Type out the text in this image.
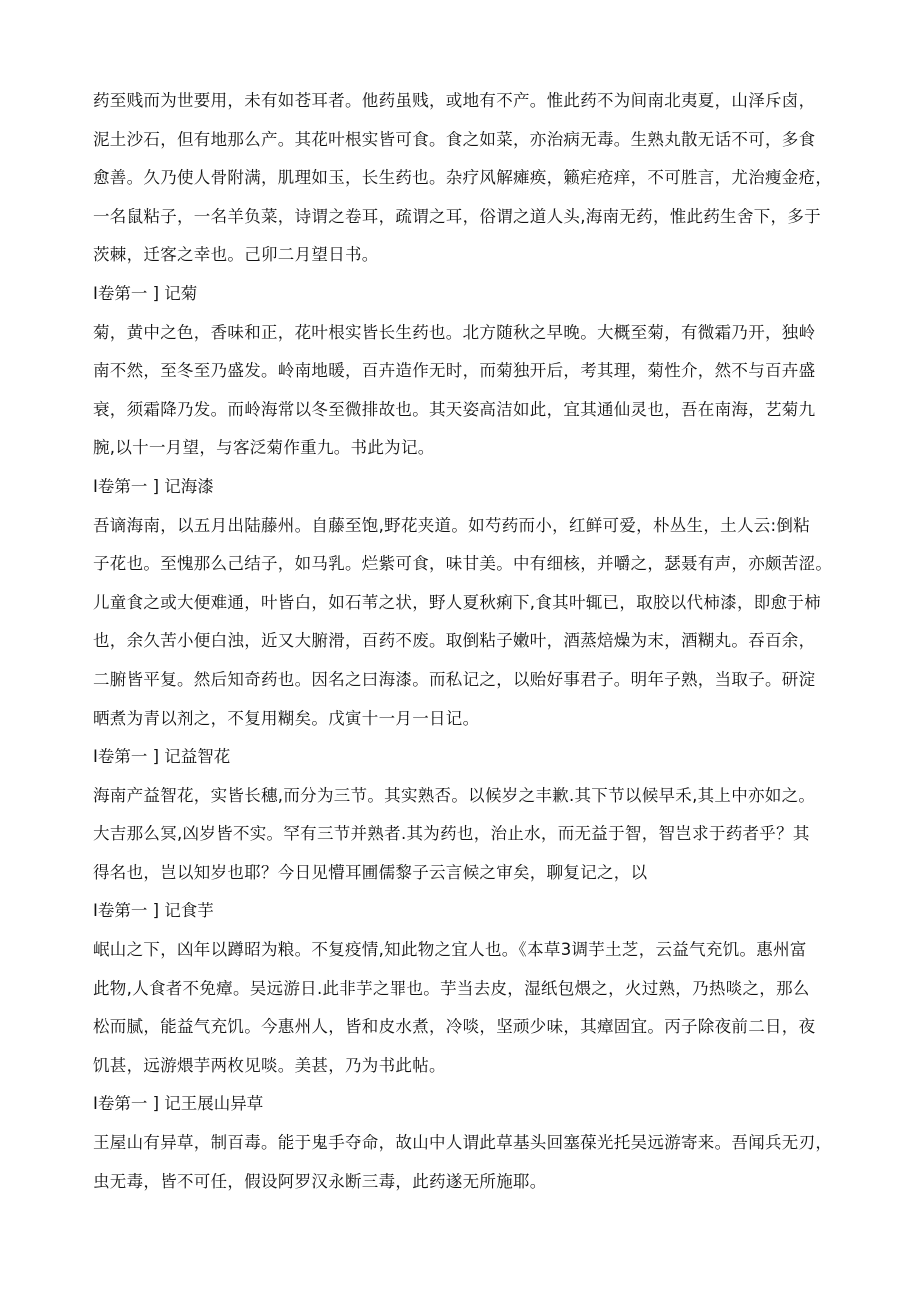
药至贱而为世要用，未有如苍耳者。他药虽贱，或地有不产。惟此药不为间南北夷夏，山泽斥卤，

泥土沙石，但有地那么产。其花叶根实皆可食。食之如菜，亦治病无毒。生熟丸散无话不可，多食

愈善。久乃使人骨附满，肌理如玉，长生药也。杂疗风解瘫痪，籁疟疮痒，不可胜言，尤治瘦金疮，

一名鼠粘子，一名羊负菜，诗谓之卷耳，疏谓之耳，俗谓之道人头,海南无药，惟此药生舍下，多于

茨棘，迁客之幸也。己卯二月望日书。

I卷第一 ] 记菊

菊，黄中之色，香味和正，花叶根实皆长生药也。北方随秋之早晚。大概至菊，有微霜乃开，独岭

南不然，至冬至乃盛发。岭南地暖，百卉造作无时，而菊独开后，考其理，菊性介，然不与百卉盛

衰，须霜降乃发。而岭海常以冬至微排故也。其天姿高洁如此，宜其通仙灵也，吾在南海，艺菊九

腕,以十一月望，与客泛菊作重九。书此为记。

I卷第一 ] 记海漆

吾谪海南，以五月出陆藤州。自藤至饱,野花夹道。如芍药而小，红鲜可爱，朴丛生，土人云:倒粘

子花也。至愧那么己结子，如马乳。烂紫可食，味甘美。中有细核，并嚼之，瑟聂有声，亦颇苦涩。

儿童食之或大便难通，叶皆白，如石苇之状，野人夏秋痢下,食其叶辄已，取胶以代柿漆，即愈于柿

也，余久苦小便白浊，近又大腑滑，百药不废。取倒粘子嫩叶，酒蒸焙燥为末，酒糊丸。吞百余，

二腑皆平复。然后知奇药也。因名之曰海漆。而私记之，以贻好事君子。明年子熟，当取子。研淀

晒煮为青以剂之，不复用糊矣。戊寅十一月一日记。

I卷第一 ] 记益智花

海南产益智花，实皆长穗,而分为三节。其实熟否。以候岁之丰歉.其下节以候早禾,其上中亦如之。

大吉那么冥,凶岁皆不实。罕有三节并熟者.其为药也，治止水，而无益于智，智岂求于药者乎？其

得名也，岂以知岁也耶？今日见懵耳圃儒黎子云言候之审矣，聊复记之，以

I卷第一 ] 记食芋

岷山之下，凶年以蹲昭为粮。不复疫情,知此物之宜人也。《本草3调芋土芝，云益气充饥。惠州富

此物,人食者不免瘴。吴远游日.此非芋之罪也。芋当去皮，湿纸包煨之，火过熟，乃热啖之，那么

松而腻，能益气充饥。今惠州人，皆和皮水煮，冷啖，坚顽少味，其瘴固宜。丙子除夜前二日，夜

饥甚，远游煨芋两枚见啖。美甚，乃为书此帖。

I卷第一 ] 记王展山异草

王屋山有异草，制百毒。能于鬼手夺命，故山中人谓此草基头回塞葆光托吴远游寄来。吾闻兵无刃，

虫无毒，皆不可任，假设阿罗汉永断三毒，此药遂无所施耶。
